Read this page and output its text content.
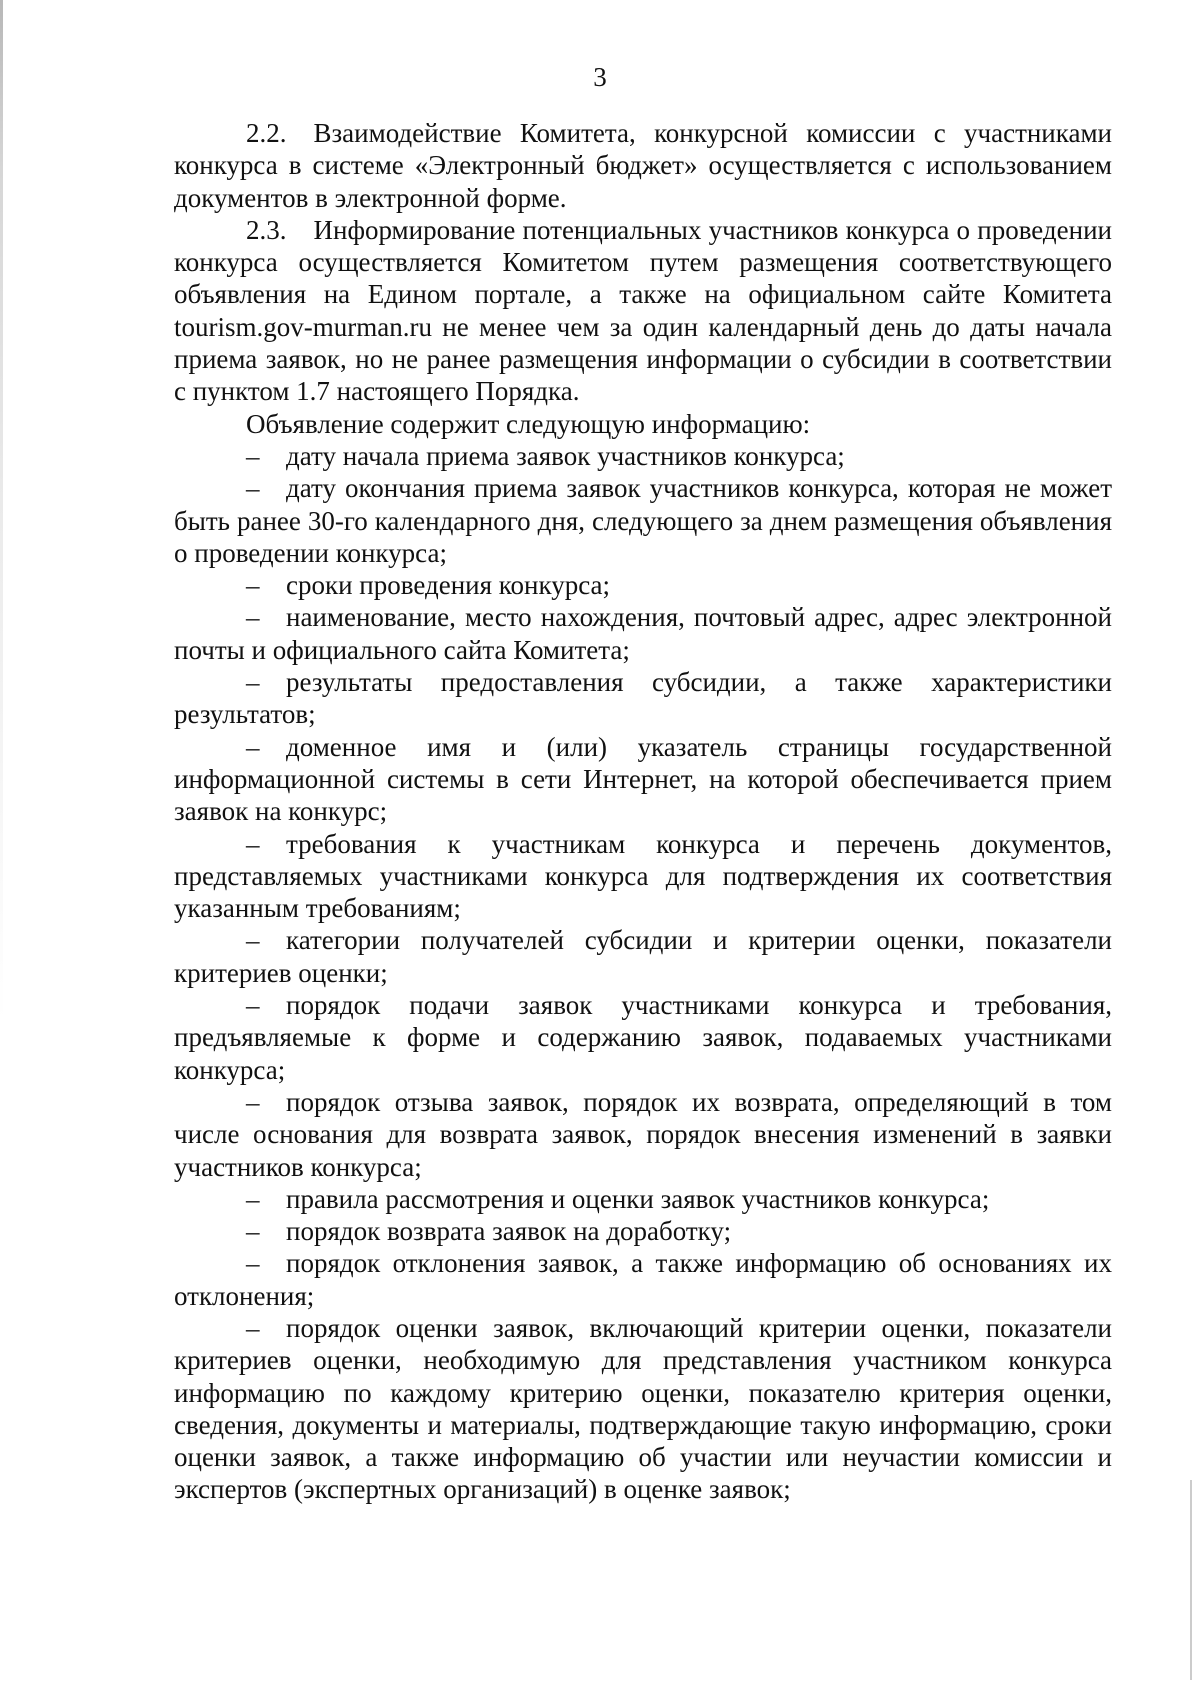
3

2.2. Взаимодействие Комитета, конкурсной комиссии с участниками конкурса в системе «Электронный бюджет» осуществляется с использованием документов в электронной форме.

2.3. Информирование потенциальных участников конкурса о проведении конкурса осуществляется Комитетом путем размещения соответствующего объявления на Едином портале, а также на официальном сайте Комитета tourism.gov-murman.ru не менее чем за один календарный день до даты начала приема заявок, но не ранее размещения информации о субсидии в соответствии с пунктом 1.7 настоящего Порядка.

Объявление содержит следующую информацию:

– дату начала приема заявок участников конкурса;

– дату окончания приема заявок участников конкурса, которая не может быть ранее 30-го календарного дня, следующего за днем размещения объявления о проведении конкурса;

– сроки проведения конкурса;

– наименование, место нахождения, почтовый адрес, адрес электронной почты и официального сайта Комитета;

– результаты предоставления субсидии, а также характеристики результатов;

– доменное имя и (или) указатель страницы государственной информационной системы в сети Интернет, на которой обеспечивается прием заявок на конкурс;

– требования к участникам конкурса и перечень документов, представляемых участниками конкурса для подтверждения их соответствия указанным требованиям;

– категории получателей субсидии и критерии оценки, показатели критериев оценки;

– порядок подачи заявок участниками конкурса и требования, предъявляемые к форме и содержанию заявок, подаваемых участниками конкурса;

– порядок отзыва заявок, порядок их возврата, определяющий в том числе основания для возврата заявок, порядок внесения изменений в заявки участников конкурса;

– правила рассмотрения и оценки заявок участников конкурса;

– порядок возврата заявок на доработку;

– порядок отклонения заявок, а также информацию об основаниях их отклонения;

– порядок оценки заявок, включающий критерии оценки, показатели критериев оценки, необходимую для представления участником конкурса информацию по каждому критерию оценки, показателю критерия оценки, сведения, документы и материалы, подтверждающие такую информацию, сроки оценки заявок, а также информацию об участии или неучастии комиссии и экспертов (экспертных организаций) в оценке заявок;
